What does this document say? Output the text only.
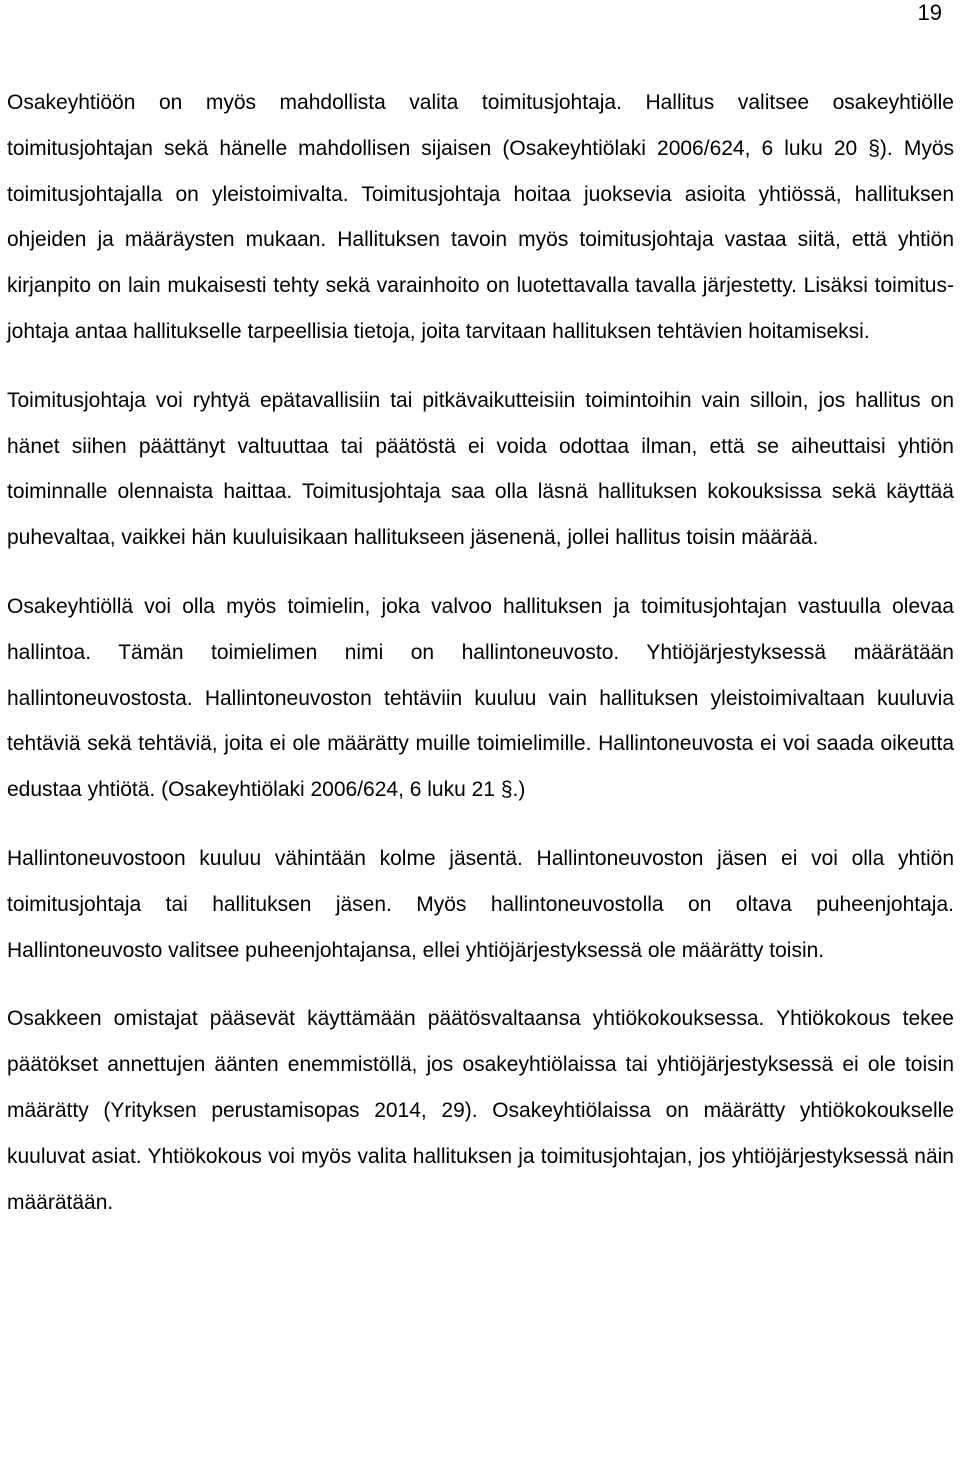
19

Osakeyhtiöön on myös mahdollista valita toimitusjohtaja. Hallitus valitsee osakeyhtiölle toimitusjohtajan sekä hänelle mahdollisen sijaisen (Osakeyhtiölaki 2006/624, 6 luku 20 §). Myös toimitusjohtajalla on yleistoimivalta. Toimitusjohtaja hoitaa juoksevia asioita yhtiössä, hallituksen ohjeiden ja määräysten mukaan. Hallituksen tavoin myös toimitusjohtaja vastaa siitä, että yhtiön kirjanpito on lain mukaisesti tehty sekä varainhoito on luotettavalla tavalla järjestetty. Lisäksi toimitusjohtaja antaa hallitukselle tarpeellisia tietoja, joita tarvitaan hallituksen tehtävien hoitamiseksi.

Toimitusjohtaja voi ryhtyä epätavallisiin tai pitkävaikutteisiin toimintoihin vain silloin, jos hallitus on hänet siihen päättänyt valtuuttaa tai päätöstä ei voida odottaa ilman, että se aiheuttaisi yhtiön toiminnalle olennaista haittaa. Toimitusjohtaja saa olla läsnä hallituksen kokouksissa sekä käyttää puhevaltaa, vaikkei hän kuuluisikaan hallitukseen jäsenenä, jollei hallitus toisin määrää.

Osakeyhtiöllä voi olla myös toimielin, joka valvoo hallituksen ja toimitusjohtajan vastuulla olevaa hallintoa. Tämän toimielimen nimi on hallintoneuvosto. Yhtiöjärjestyksessä määrätään hallintoneuvostosta. Hallintoneuvoston tehtäviin kuuluu vain hallituksen yleistoimivaltaan kuuluvia tehtäviä sekä tehtäviä, joita ei ole määrätty muille toimielimille. Hallintoneuvosta ei voi saada oikeutta edustaa yhtiötä. (Osakeyhtiölaki 2006/624, 6 luku 21 §.)

Hallintoneuvostoon kuuluu vähintään kolme jäsentä. Hallintoneuvoston jäsen ei voi olla yhtiön toimitusjohtaja tai hallituksen jäsen. Myös hallintoneuvostolla on oltava puheenjohtaja. Hallintoneuvosto valitsee puheenjohtajansa, ellei yhtiöjärjestyksessä ole määrätty toisin.

Osakkeen omistajat pääsevät käyttämään päätösvaltaansa yhtiökokouksessa. Yhtiökokous tekee päätökset annettujen äänten enemmistöllä, jos osakeyhtiölaissa tai yhtiöjärjestyksessä ei ole toisin määrätty (Yrityksen perustamisopas 2014, 29). Osakeyhtiölaissa on määrätty yhtiökokoukselle kuuluvat asiat. Yhtiökokous voi myös valita hallituksen ja toimitusjohtajan, jos yhtiöjärjestyksessä näin määrätään.
